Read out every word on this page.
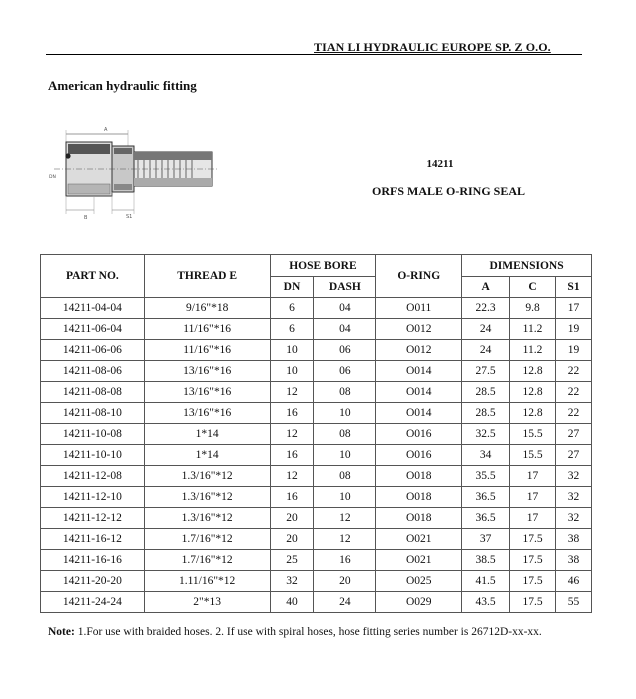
TIAN LI HYDRAULIC EUROPE SP. Z O.O.
American hydraulic fitting
A
DN
B	S1
14211
ORFS MALE O-RING SEAL
PART NO.	THREAD E	HOSE BORE		O-RING	DIMENSIONS		
		DN	DASH		A	C	S1
14211-04-04	9/16"*18	6	04	O011	22.3	9.8	17
14211-06-04	11/16"*16	6	04	O012	24	11.2	19
14211-06-06	11/16"*16	10	06	O012	24	11.2	19
14211-08-06	13/16"*16	10	06	O014	27.5	12.8	22
14211-08-08	13/16"*16	12	08	O014	28.5	12.8	22
14211-08-10	13/16"*16	16	10	O014	28.5	12.8	22
14211-10-08	1*14	12	08	O016	32.5	15.5	27
14211-10-10	1*14	16	10	O016	34	15.5	27
14211-12-08	1.3/16"*12	12	08	O018	35.5	17	32
14211-12-10	1.3/16"*12	16	10	O018	36.5	17	32
14211-12-12	1.3/16"*12	20	12	O018	36.5	17	32
14211-16-12	1.7/16"*12	20	12	O021	37	17.5	38
14211-16-16	1.7/16"*12	25	16	O021	38.5	17.5	38
14211-20-20	1.11/16"*12	32	20	O025	41.5	17.5	46
14211-24-24	2"*13	40	24	O029	43.5	17.5	55
Note: 1.For use with braided hoses. 2. If use with spiral hoses, hose fitting series number is 26712D-xx-xx.
